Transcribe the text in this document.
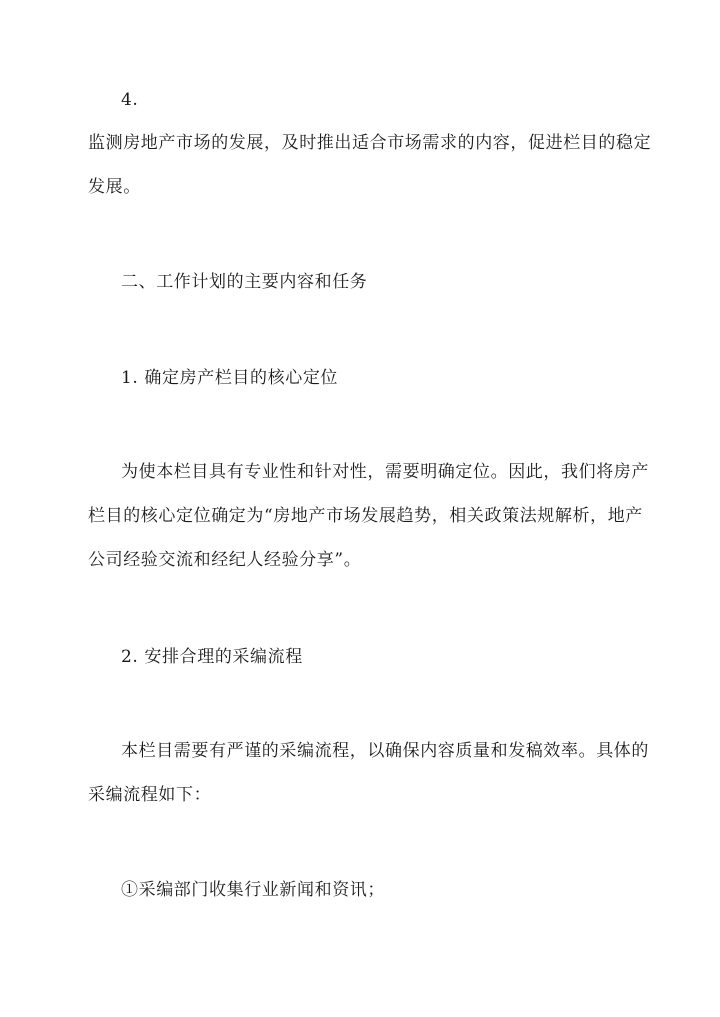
4.
监测房地产市场的发展，及时推出适合市场需求的内容，促进栏目的稳定
发展。
二、工作计划的主要内容和任务
1. 确定房产栏目的核心定位
为使本栏目具有专业性和针对性，需要明确定位。因此，我们将房产
栏目的核心定位确定为“房地产市场发展趋势，相关政策法规解析，地产
公司经验交流和经纪人经验分享”。
2. 安排合理的采编流程
本栏目需要有严谨的采编流程，以确保内容质量和发稿效率。具体的
采编流程如下：
①采编部门收集行业新闻和资讯；
